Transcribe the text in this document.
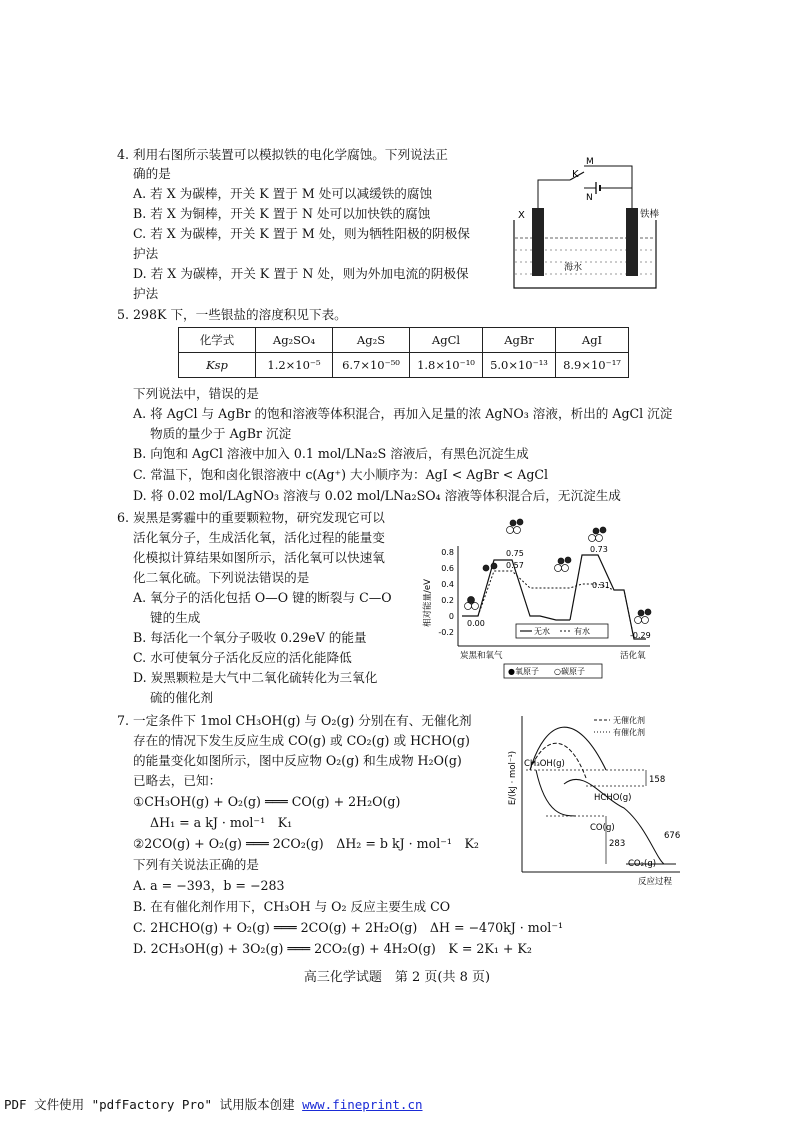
4. 利用右图所示装置可以模拟铁的电化学腐蚀。下列说法正
确的是
A. 若 X 为碳棒，开关 K 置于 M 处可以减缓铁的腐蚀
B. 若 X 为铜棒，开关 K 置于 N 处可以加快铁的腐蚀
C. 若 X 为碳棒，开关 K 置于 M 处，则为牺牲阳极的阴极保
护法
D. 若 X 为碳棒，开关 K 置于 N 处，则为外加电流的阴极保
护法
K
M
N
X	铁棒
海水
5. 298K 下，一些银盐的溶度积见下表。
化学式	Ag₂SO₄	Ag₂S	AgCl	AgBr	AgI
Ksp	1.2×10⁻⁵	6.7×10⁻⁵⁰	1.8×10⁻¹⁰	5.0×10⁻¹³	8.9×10⁻¹⁷
下列说法中，错误的是
A. 将 AgCl 与 AgBr 的饱和溶液等体积混合，再加入足量的浓 AgNO₃ 溶液，析出的 AgCl 沉淀
物质的量少于 AgBr 沉淀
B. 向饱和 AgCl 溶液中加入 0.1 mol/LNa₂S 溶液后，有黑色沉淀生成
C. 常温下，饱和卤化银溶液中 c(Ag⁺) 大小顺序为：AgI < AgBr < AgCl
D. 将 0.02 mol/LAgNO₃ 溶液与 0.02 mol/LNa₂SO₄ 溶液等体积混合后，无沉淀生成
6. 炭黑是雾霾中的重要颗粒物，研究发现它可以
活化氧分子，生成活化氧，活化过程的能量变
化模拟计算结果如图所示，活化氧可以快速氧
化二氧化硫。下列说法错误的是
A. 氧分子的活化包括 O—O 键的断裂与 C—O
键的生成
B. 每活化一个氧分子吸收 0.29eV 的能量
C. 水可使氧分子活化反应的活化能降低
D. 炭黑颗粒是大气中二氧化硫转化为三氧化
硫的催化剂
相对能量/eV
0.8
0.6
0.4
0.2
0
-0.2
0.75
0.57
0.73
0.31
0.00
-0.29
无水	有水
炭黑和氧气	活化氧
●氧原子 ○碳原子
7. 一定条件下 1mol CH₃OH(g) 与 O₂(g) 分别在有、无催化剂
存在的情况下发生反应生成 CO(g) 或 CO₂(g) 或 HCHO(g)
的能量变化如图所示，图中反应物 O₂(g) 和生成物 H₂O(g)
已略去，已知：
①CH₃OH(g) + O₂(g) ═══ CO(g) + 2H₂O(g)
ΔH₁ = a kJ · mol⁻¹　K₁
②2CO(g) + O₂(g) ═══ 2CO₂(g)　ΔH₂ = b kJ · mol⁻¹　K₂
下列有关说法正确的是
A. a = −393，b = −283
B. 在有催化剂作用下，CH₃OH 与 O₂ 反应主要生成 CO
C. 2HCHO(g) + O₂(g) ═══ 2CO(g) + 2H₂O(g)　ΔH = −470kJ · mol⁻¹
D. 2CH₃OH(g) + 3O₂(g) ═══ 2CO₂(g) + 4H₂O(g)　K = 2K₁ + K₂
E/(kJ · mol⁻¹)
无催化剂
有催化剂
CH₃OH(g)
HCHO(g)
CO(g)
CO₂(g)
158
676
283
反应过程
高三化学试题　第 2 页(共 8 页)
PDF 文件使用 "pdfFactory Pro" 试用版本创建 www.fineprint.cn
